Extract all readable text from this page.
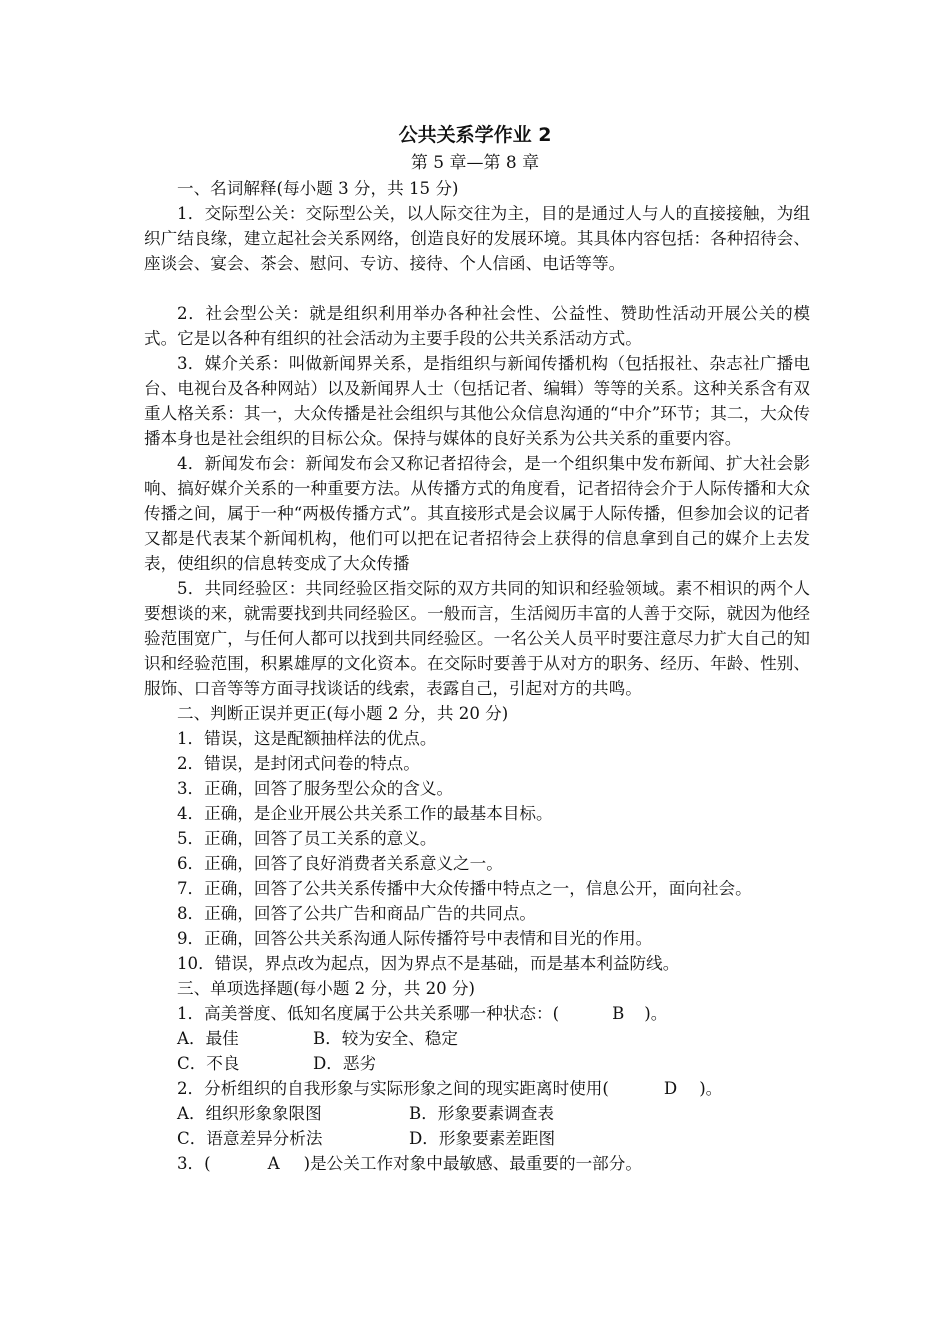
公共关系学作业 2
第 5 章—第 8 章

一、名词解释(每小题 3 分，共 15 分)

1．交际型公关：交际型公关，以人际交往为主，目的是通过人与人的直接接触，为组织广结良缘，建立起社会关系网络，创造良好的发展环境。其具体内容包括：各种招待会、座谈会、宴会、茶会、慰问、专访、接待、个人信函、电话等等。

2．社会型公关：就是组织利用举办各种社会性、公益性、赞助性活动开展公关的模式。它是以各种有组织的社会活动为主要手段的公共关系活动方式。

3．媒介关系：叫做新闻界关系，是指组织与新闻传播机构（包括报社、杂志社广播电台、电视台及各种网站）以及新闻界人士（包括记者、编辑）等等的关系。这种关系含有双重人格关系：其一，大众传播是社会组织与其他公众信息沟通的“中介”环节；其二，大众传播本身也是社会组织的目标公众。保持与媒体的良好关系为公共关系的重要内容。

4．新闻发布会：新闻发布会又称记者招待会，是一个组织集中发布新闻、扩大社会影响、搞好媒介关系的一种重要方法。从传播方式的角度看，记者招待会介于人际传播和大众传播之间，属于一种“两极传播方式”。其直接形式是会议属于人际传播，但参加会议的记者又都是代表某个新闻机构，他们可以把在记者招待会上获得的信息拿到自己的媒介上去发表，使组织的信息转变成了大众传播

5．共同经验区：共同经验区指交际的双方共同的知识和经验领域。素不相识的两个人要想谈的来，就需要找到共同经验区。一般而言，生活阅历丰富的人善于交际，就因为他经验范围宽广，与任何人都可以找到共同经验区。一名公关人员平时要注意尽力扩大自己的知识和经验范围，积累雄厚的文化资本。在交际时要善于从对方的职务、经历、年龄、性别、服饰、口音等等方面寻找谈话的线索，表露自己，引起对方的共鸣。

二、判断正误并更正(每小题 2 分，共 20 分)

1．错误，这是配额抽样法的优点。

2．错误，是封闭式问卷的特点。

3．正确，回答了服务型公众的含义。

4．正确，是企业开展公共关系工作的最基本目标。

5．正确，回答了员工关系的意义。

6．正确，回答了良好消费者关系意义之一。

7．正确，回答了公共关系传播中大众传播中特点之一，信息公开，面向社会。

8．正确，回答了公共广告和商品广告的共同点。

9．正确，回答公共关系沟通人际传播符号中表情和目光的作用。

10．错误，界点改为起点，因为界点不是基础，而是基本利益防线。

三、单项选择题(每小题 2 分，共 20 分)

1．高美誉度、低知名度属于公共关系哪一种状态：(	B )。

A．最佳	B．较为安全、稳定

C．不良	D．恶劣

2．分析组织的自我形象与实际形象之间的现实距离时使用(	D )。

A．组织形象象限图	B．形象要素调查表

C．语意差异分析法	D．形象要素差距图

3．(	A )是公关工作对象中最敏感、最重要的一部分。
